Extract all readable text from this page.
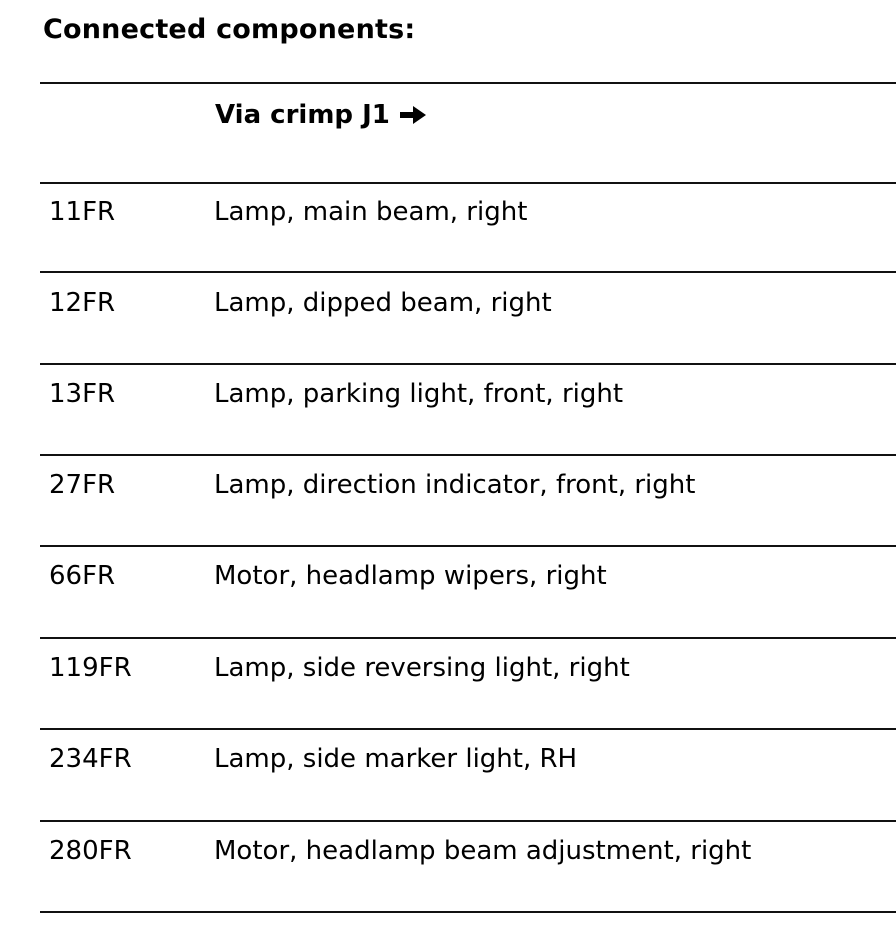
Connected components:
Via crimp J1
11FR	Lamp, main beam, right
12FR	Lamp, dipped beam, right
13FR	Lamp, parking light, front, right
27FR	Lamp, direction indicator, front, right
66FR	Motor, headlamp wipers, right
119FR	Lamp, side reversing light, right
234FR	Lamp, side marker light, RH
280FR	Motor, headlamp beam adjustment, right
